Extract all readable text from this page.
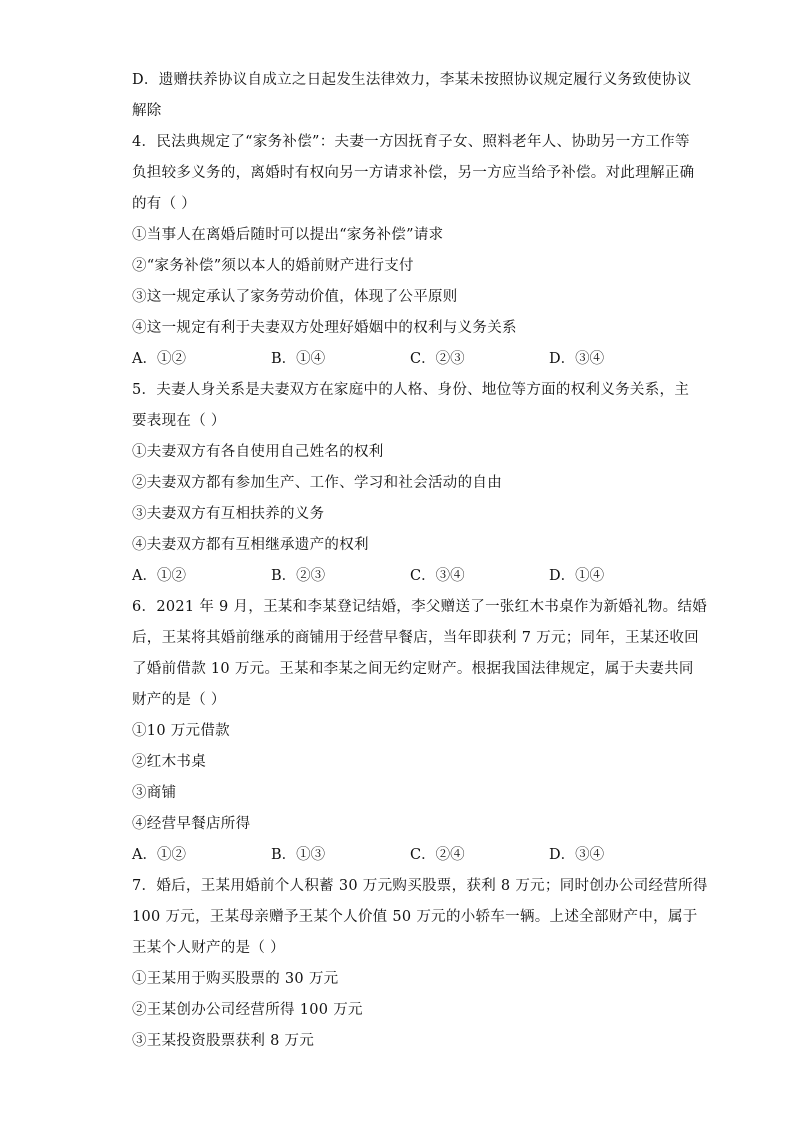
D．遗赠扶养协议自成立之日起发生法律效力，李某未按照协议规定履行义务致使协议
解除
4．民法典规定了“家务补偿”：夫妻一方因抚育子女、照料老年人、协助另一方工作等
负担较多义务的，离婚时有权向另一方请求补偿，另一方应当给予补偿。对此理解正确
的有（ ）
①当事人在离婚后随时可以提出“家务补偿”请求
②“家务补偿”须以本人的婚前财产进行支付
③这一规定承认了家务劳动价值，体现了公平原则
④这一规定有利于夫妻双方处理好婚姻中的权利与义务关系
A．①②	B．①④	C．②③	D．③④
5．夫妻人身关系是夫妻双方在家庭中的人格、身份、地位等方面的权利义务关系，主
要表现在（ ）
①夫妻双方有各自使用自己姓名的权利
②夫妻双方都有参加生产、工作、学习和社会活动的自由
③夫妻双方有互相扶养的义务
④夫妻双方都有互相继承遗产的权利
A．①②	B．②③	C．③④	D．①④
6．2021 年 9 月，王某和李某登记结婚，李父赠送了一张红木书桌作为新婚礼物。结婚
后，王某将其婚前继承的商铺用于经营早餐店，当年即获利 7 万元；同年，王某还收回
了婚前借款 10 万元。王某和李某之间无约定财产。根据我国法律规定，属于夫妻共同
财产的是（ ）
①10 万元借款
②红木书桌
③商铺
④经营早餐店所得
A．①②	B．①③	C．②④	D．③④
7．婚后，王某用婚前个人积蓄 30 万元购买股票，获利 8 万元；同时创办公司经营所得
100 万元，王某母亲赠予王某个人价值 50 万元的小轿车一辆。上述全部财产中，属于
王某个人财产的是（ ）
①王某用于购买股票的 30 万元
②王某创办公司经营所得 100 万元
③王某投资股票获利 8 万元
